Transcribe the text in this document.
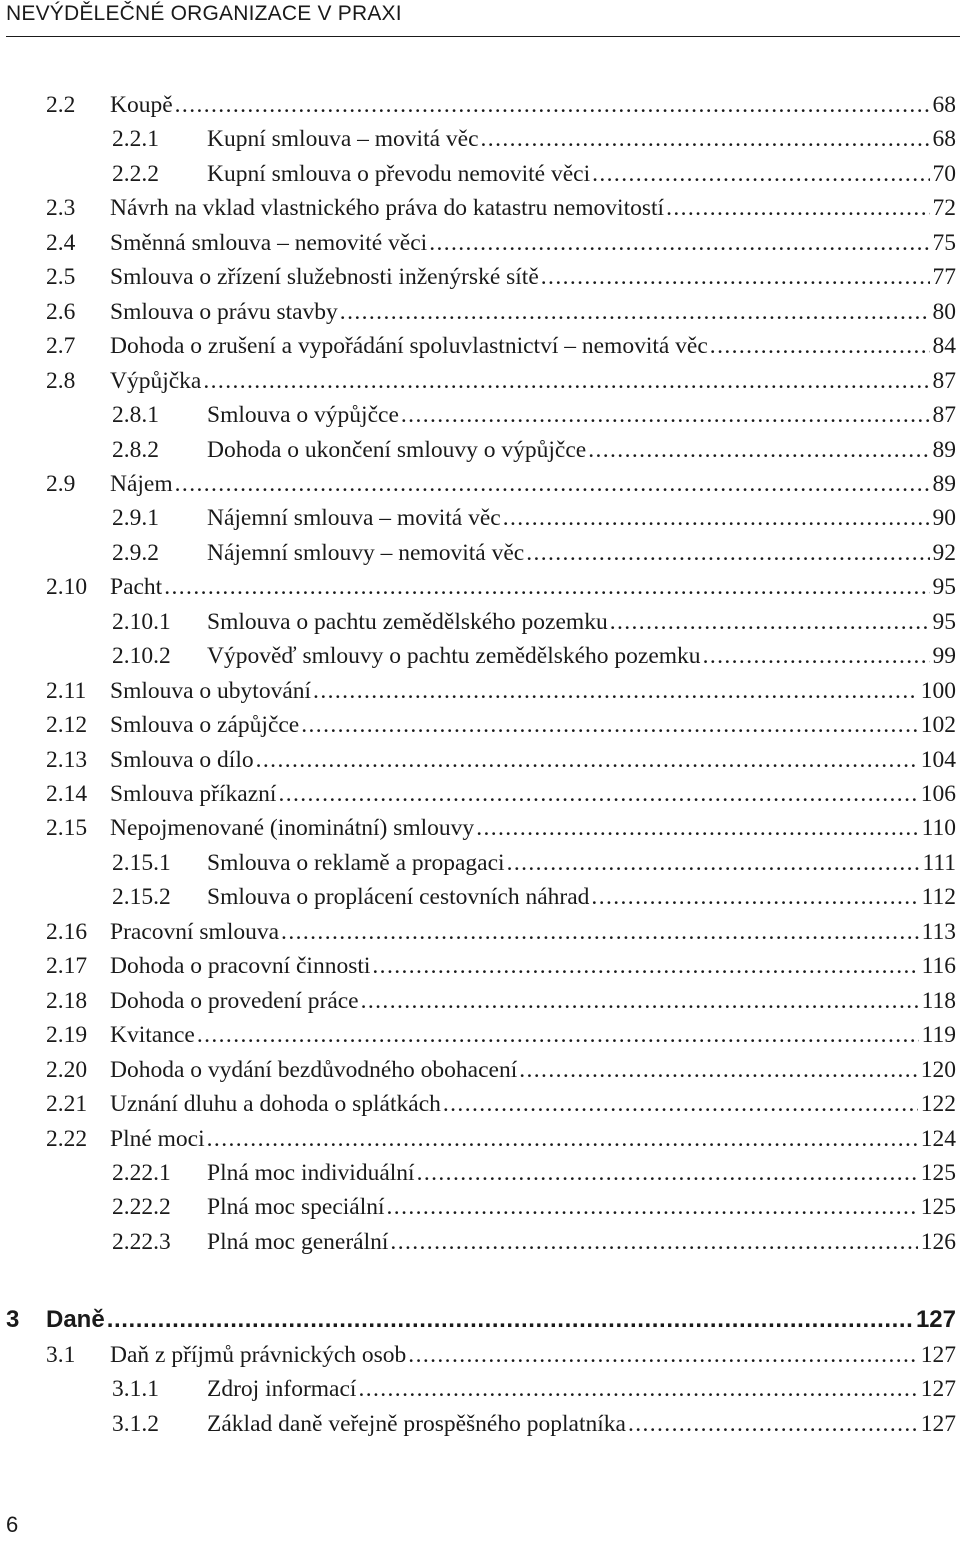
NEVÝDĚLEČNÉ ORGANIZACE V PRAXI
2.2 Koupě .....	68
2.2.1 Kupní smlouva – movitá věc .....	68
2.2.2 Kupní smlouva o převodu nemovité věci .....	70
2.3 Návrh na vklad vlastnického práva do katastru nemovitostí .....	72
2.4 Směnná smlouva – nemovité věci .....	75
2.5 Smlouva o zřízení služebnosti inženýrské sítě .....	77
2.6 Smlouva o právu stavby .....	80
2.7 Dohoda o zrušení a vypořádání spoluvlastnictví – nemovitá věc .....	84
2.8 Výpůjčka .....	87
2.8.1 Smlouva o výpůjčce .....	87
2.8.2 Dohoda o ukončení smlouvy o výpůjčce .....	89
2.9 Nájem .....	89
2.9.1 Nájemní smlouva – movitá věc .....	90
2.9.2 Nájemní smlouvy – nemovitá věc .....	92
2.10 Pacht .....	95
2.10.1 Smlouva o pachtu zemědělského pozemku .....	95
2.10.2 Výpověď smlouvy o pachtu zemědělského pozemku .....	99
2.11 Smlouva o ubytování .....	100
2.12 Smlouva o zápůjčce .....	102
2.13 Smlouva o dílo .....	104
2.14 Smlouva příkazní .....	106
2.15 Nepojmenované (inominátní) smlouvy .....	110
2.15.1 Smlouva o reklamě a propagaci .....	111
2.15.2 Smlouva o proplácení cestovních náhrad .....	112
2.16 Pracovní smlouva .....	113
2.17 Dohoda o pracovní činnosti .....	116
2.18 Dohoda o provedení práce .....	118
2.19 Kvitance .....	119
2.20 Dohoda o vydání bezdůvodného obohacení .....	120
2.21 Uznání dluhu a dohoda o splátkách .....	122
2.22 Plné moci .....	124
2.22.1 Plná moc individuální .....	125
2.22.2 Plná moc speciální .....	125
2.22.3 Plná moc generální .....	126
3 Daně .....	127
3.1 Daň z příjmů právnických osob .....	127
3.1.1 Zdroj informací .....	127
3.1.2 Základ daně veřejně prospěšného poplatníka .....	127
6
